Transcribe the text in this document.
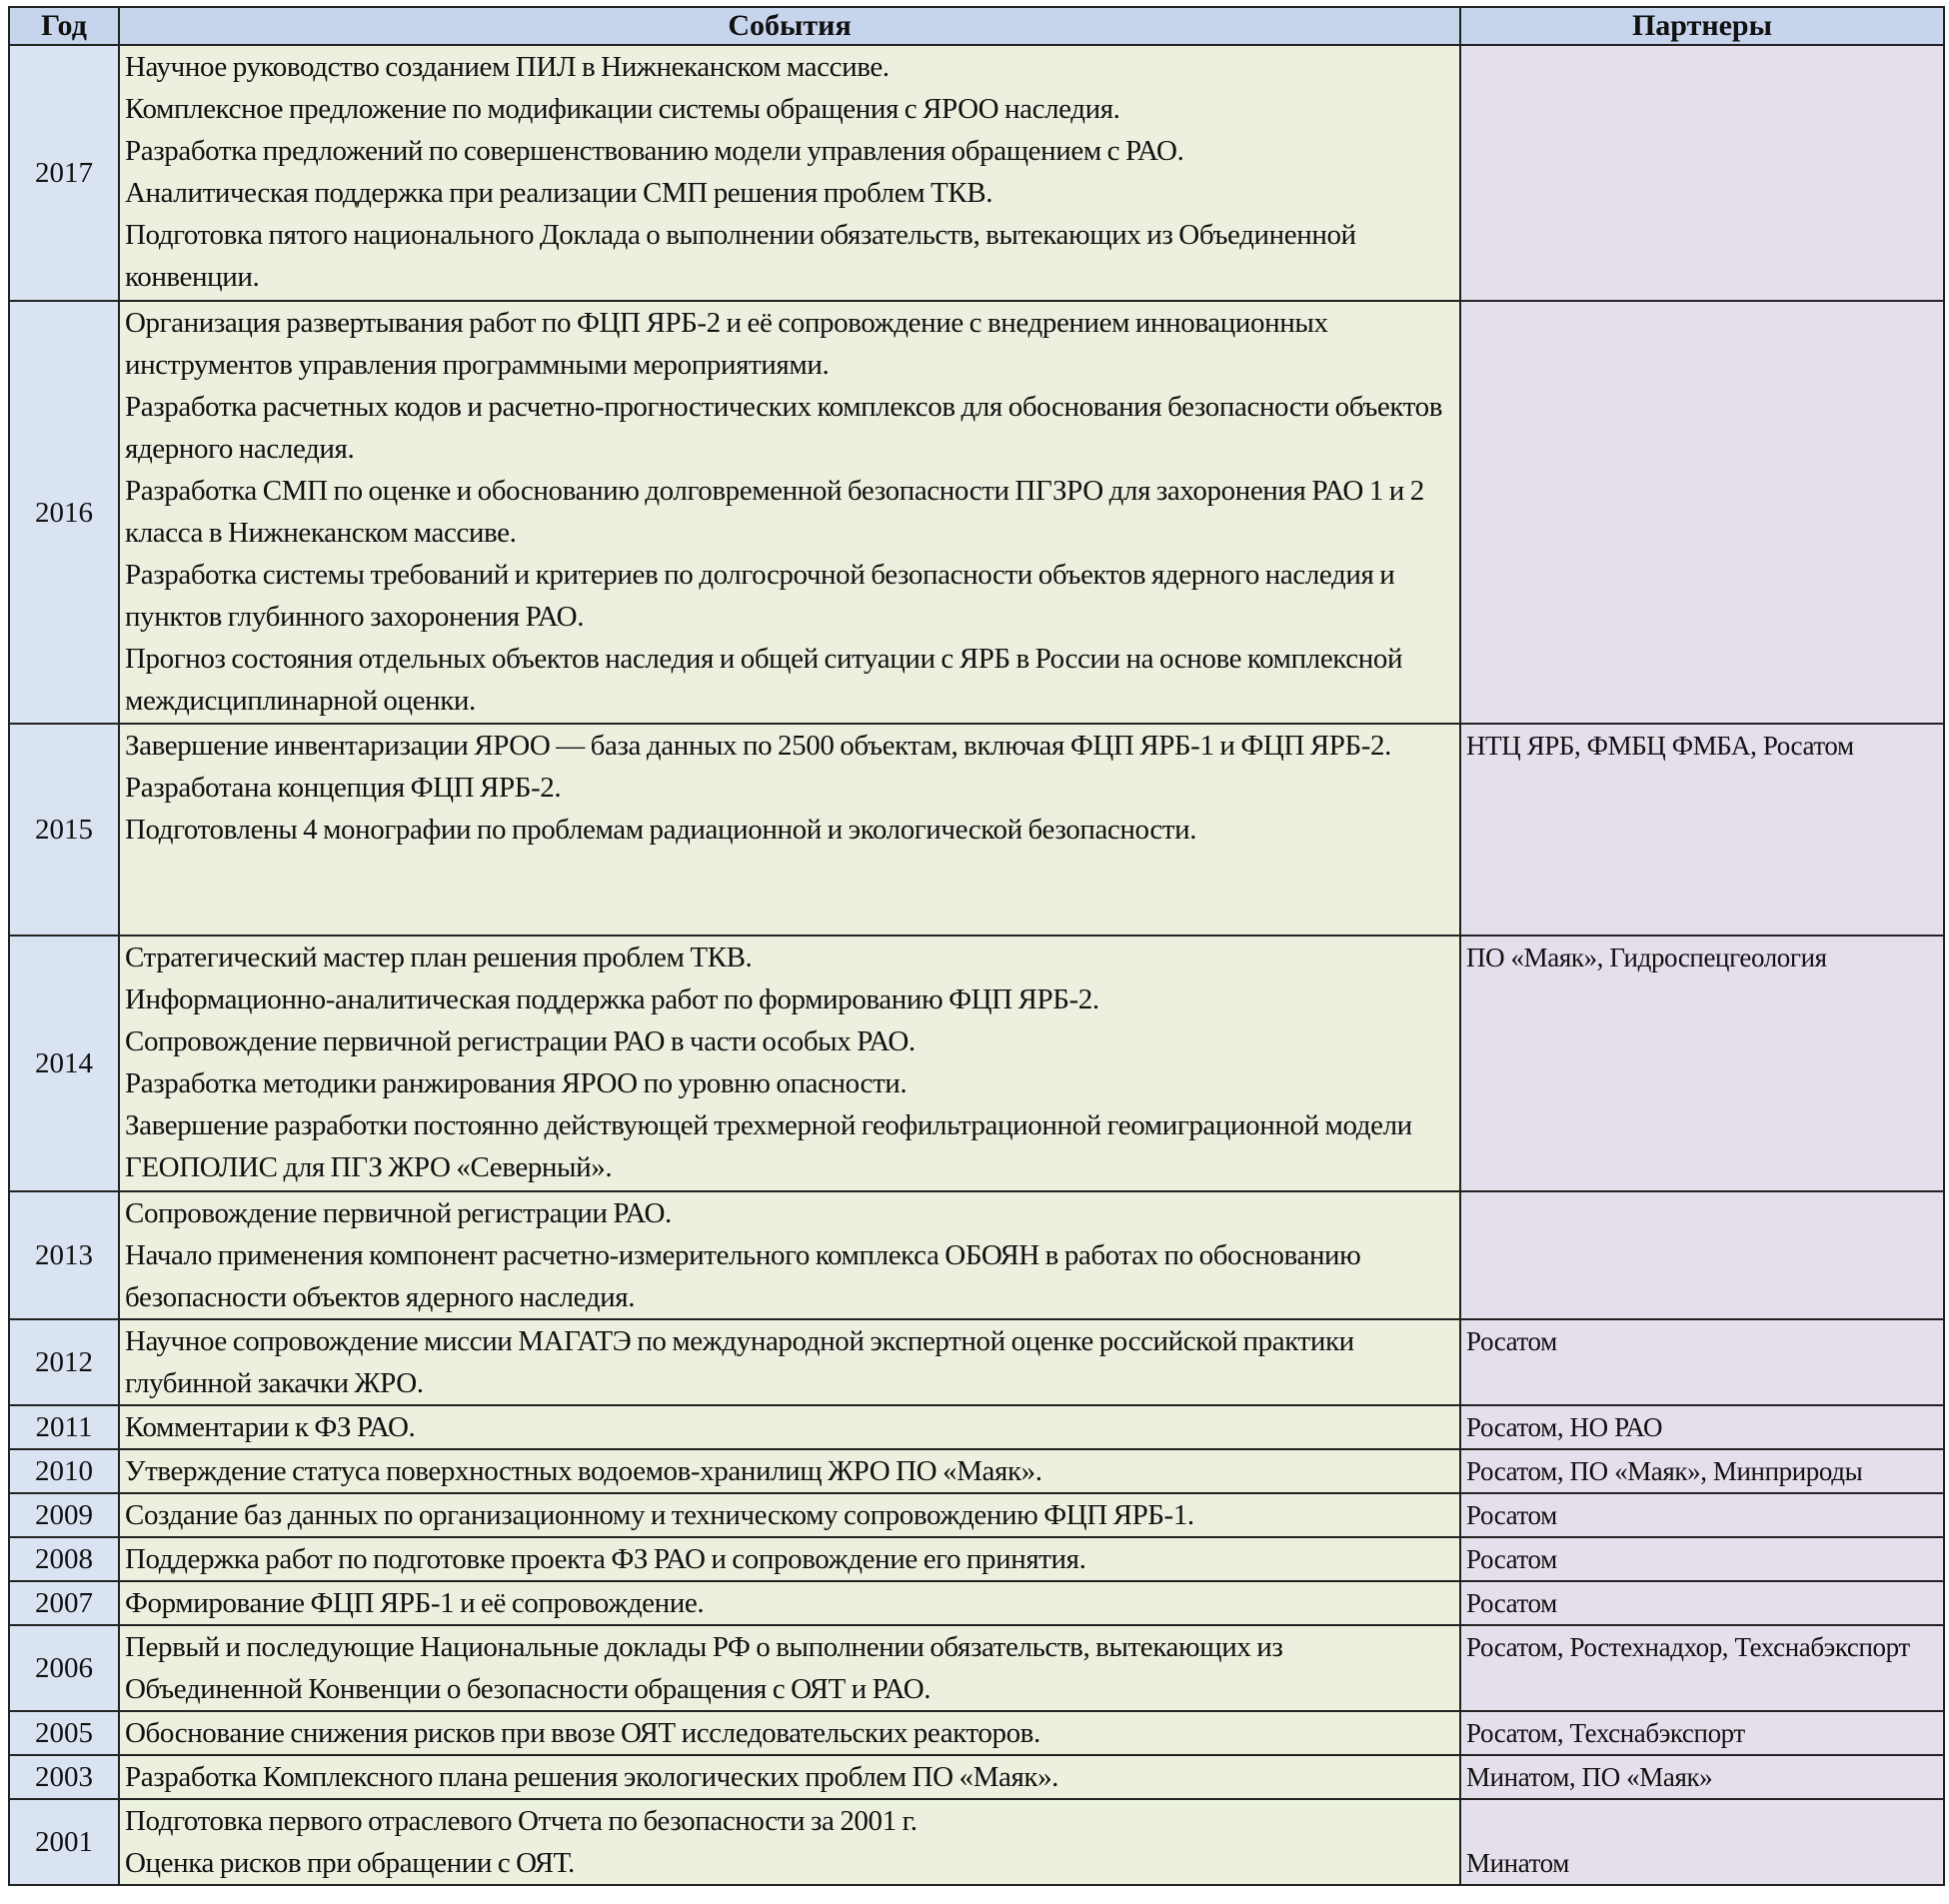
Год	События	Партнеры
2017	Научное руководство созданием ПИЛ в Нижнеканском массиве.
Комплексное предложение по модификации системы обращения с ЯРОО наследия.
Разработка предложений по совершенствованию модели управления обращением с РАО.
Аналитическая поддержка при реализации СМП решения проблем ТКВ.
Подготовка пятого национального Доклада о выполнении обязательств, вытекающих из Объединенной конвенции.	

2016	Организация развертывания работ по ФЦП ЯРБ-2 и её сопровождение с внедрением инновационных инструментов управления программными мероприятиями.
Разработка расчетных кодов и расчетно-прогностических комплексов для обоснования безопасности объектов ядерного наследия.
Разработка СМП по оценке и обоснованию долговременной безопасности ПГЗРО для захоронения РАО 1 и 2 класса в Нижнеканском массиве.
Разработка системы требований и критериев по долгосрочной безопасности объектов ядерного наследия и пунктов глубинного захоронения РАО.
Прогноз состояния отдельных объектов наследия и общей ситуации с ЯРБ в России на основе комплексной междисциплинарной оценки.	

2015	Завершение инвентаризации ЯРОО — база данных по 2500 объектам, включая ФЦП ЯРБ-1 и ФЦП ЯРБ-2.
Разработана концепция ФЦП ЯРБ-2.
Подготовлены 4 монографии по проблемам радиационной и экологической безопасности.	НТЦ ЯРБ, ФМБЦ ФМБА, Росатом
2014	Стратегический мастер план решения проблем ТКВ.
Информационно-аналитическая поддержка работ по формированию ФЦП ЯРБ-2.
Сопровождение первичной регистрации РАО в части особых РАО.
Разработка методики ранжирования ЯРОО по уровню опасности.
Завершение разработки постоянно действующей трехмерной геофильтрационной геомиграционной модели ГЕОПОЛИС для ПГЗ ЖРО «Северный».	ПО «Маяк», Гидроспецгеология
2013	Сопровождение первичной регистрации РАО.
Начало применения компонент расчетно-измерительного комплекса ОБОЯН в работах по обоснованию безопасности объектов ядерного наследия.	

2012	Научное сопровождение миссии МАГАТЭ по международной экспертной оценке российской практики глубинной закачки ЖРО.	Росатом
2011	Комментарии к ФЗ РАО.	Росатом, НО РАО
2010	Утверждение статуса поверхностных водоемов-хранилищ ЖРО ПО «Маяк».	Росатом, ПО «Маяк», Минприроды
2009	Создание баз данных по организационному и техническому сопровождению ФЦП ЯРБ-1.	Росатом
2008	Поддержка работ по подготовке проекта ФЗ РАО и сопровождение его принятия.	Росатом
2007	Формирование ФЦП ЯРБ-1 и её сопровождение.	Росатом
2006	Первый и последующие Национальные доклады РФ о выполнении обязательств, вытекающих из Объединенной Конвенции о безопасности обращения с ОЯТ и РАО.	Росатом, Ростехнадхор, Техснабэкспорт
2005	Обоснование снижения рисков при ввозе ОЯТ исследовательских реакторов.	Росатом, Техснабэкспорт
2003	Разработка Комплексного плана решения экологических проблем ПО «Маяк».	Минатом, ПО «Маяк»
2001	Подготовка первого отраслевого Отчета по безопасности за 2001 г.
Оценка рисков при обращении с ОЯТ.	Минатом
